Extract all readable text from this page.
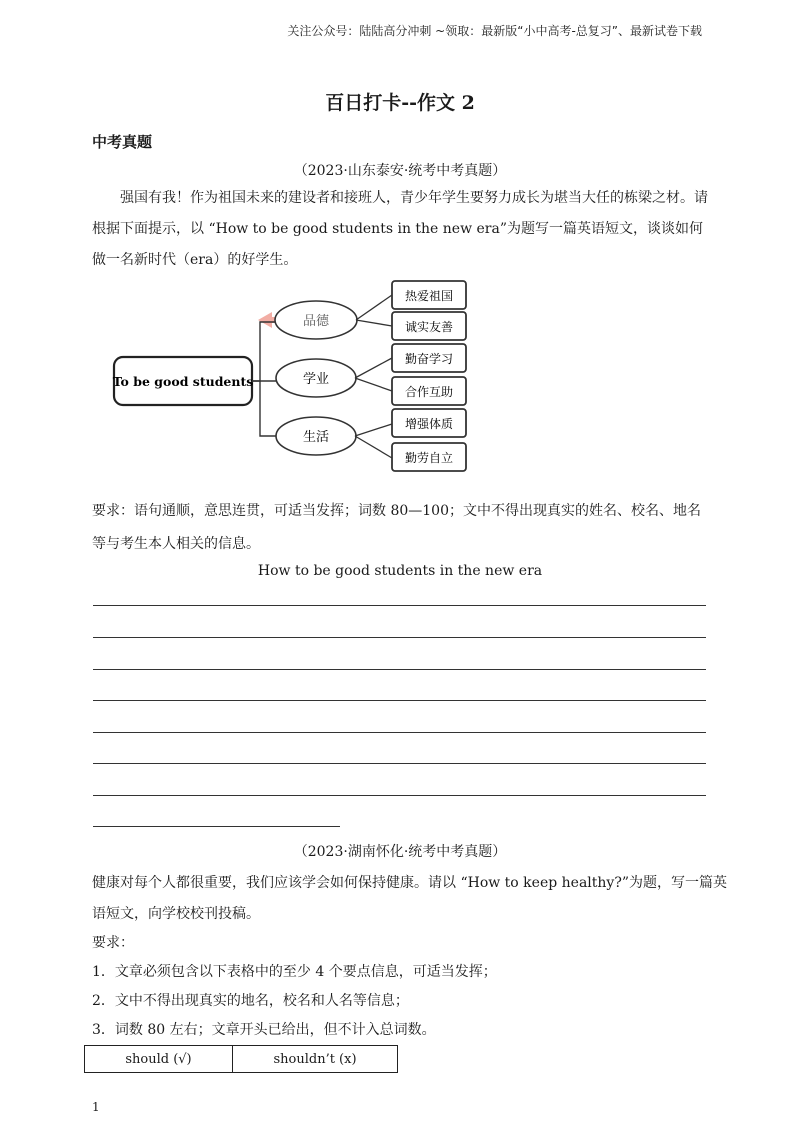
关注公众号：陆陆高分冲刺 ~领取：最新版“小中高考-总复习”、最新试卷下载
百日打卡--作文 2
中考真题
（2023·山东泰安·统考中考真题）
强国有我！作为祖国未来的建设者和接班人，青少年学生要努力成长为堪当大任的栋梁之材。请根据下面提示，以 “How to be good students in the new era”为题写一篇英语短文，谈谈如何做一名新时代（era）的好学生。
To be good students
品德
学业
生活
热爱祖国
诚实友善
勤奋学习
合作互助
增强体质
勤劳自立
要求：语句通顺，意思连贯，可适当发挥；词数 80—100；文中不得出现真实的姓名、校名、地名
等与考生本人相关的信息。
How to be good students in the new era
（2023·湖南怀化·统考中考真题）
健康对每个人都很重要，我们应该学会如何保持健康。请以 “How to keep healthy?”为题，写一篇英
语短文，向学校校刊投稿。
要求：
1．文章必须包含以下表格中的至少 4 个要点信息，可适当发挥；
2．文中不得出现真实的地名，校名和人名等信息；
3．词数 80 左右；文章开头已给出，但不计入总词数。
should (√)	shouldn’t (x)
1
